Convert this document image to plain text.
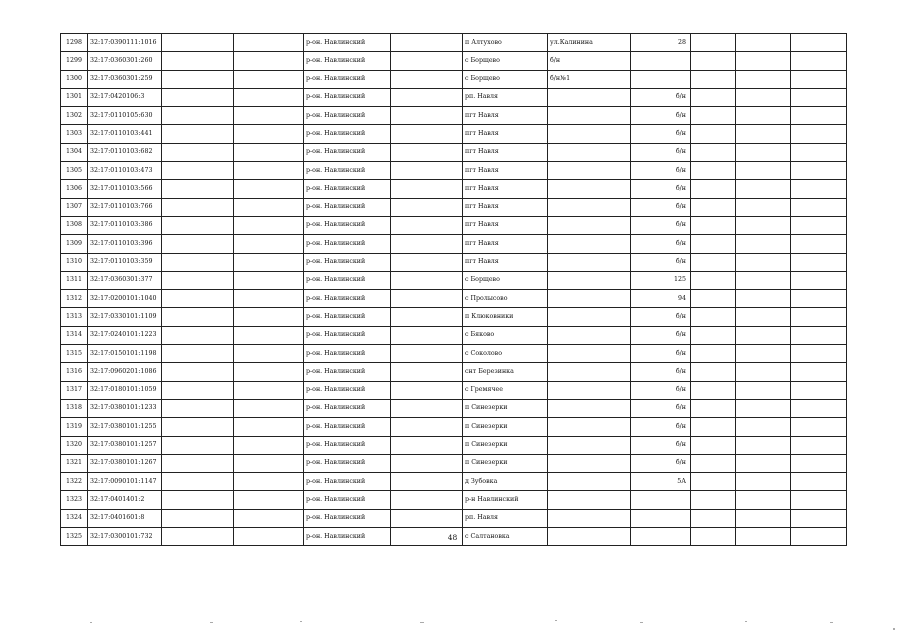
1298	32:17:0390111:1016			р-он. Навлинский		п Алтухово	ул.Калинина	28			
1299	32:17:0360301:260			р-он. Навлинский		с Борщево	б/н				
1300	32:17:0360301:259			р-он. Навлинский		с Борщево	б/н№1				
1301	32:17:0420106:3			р-он. Навлинский		рп. Навля		б/н			
1302	32:17:0110105:630			р-он. Навлинский		пгт Навля		б/н			
1303	32:17:0110103:441			р-он. Навлинский		пгт Навля		б/н			
1304	32:17:0110103:682			р-он. Навлинский		пгт Навля		б/н			
1305	32:17:0110103:473			р-он. Навлинский		пгт Навля		б/н			
1306	32:17:0110103:566			р-он. Навлинский		пгт Навля		б/н			
1307	32:17:0110103:766			р-он. Навлинский		пгт Навля		б/н			
1308	32:17:0110103:386			р-он. Навлинский		пгт Навля		б/н			
1309	32:17:0110103:396			р-он. Навлинский		пгт Навля		б/н			
1310	32:17:0110103:359			р-он. Навлинский		пгт Навля		б/н			
1311	32:17:0360301:377			р-он. Навлинский		с Борщево		125			
1312	32:17:0200101:1040			р-он. Навлинский		с Пролысово		94			
1313	32:17:0330101:1109			р-он. Навлинский		п Клюковники		б/н			
1314	32:17:0240101:1223			р-он. Навлинский		с Бяково		б/н			
1315	32:17:0150101:1198			р-он. Навлинский		с Соколово		б/н			
1316	32:17:0960201:1086			р-он. Навлинский		снт Березинка		б/н			
1317	32:17:0180101:1059			р-он. Навлинский		с Гремячее		б/н			
1318	32:17:0380101:1233			р-он. Навлинский		п Синезерки		б/н			
1319	32:17:0380101:1255			р-он. Навлинский		п Синезерки		б/н			
1320	32:17:0380101:1257			р-он. Навлинский		п Синезерки		б/н			
1321	32:17:0380101:1267			р-он. Навлинский		п Синезерки		б/н			
1322	32:17:0090101:1147			р-он. Навлинский		д Зубовка		5А			
1323	32:17:0401401:2			р-он. Навлинский		р-н Навлинский					
1324	32:17:0401601:8			р-он. Навлинский		рп. Навля					
1325	32:17:0300101:732			р-он. Навлинский		с Салтановка					
48
